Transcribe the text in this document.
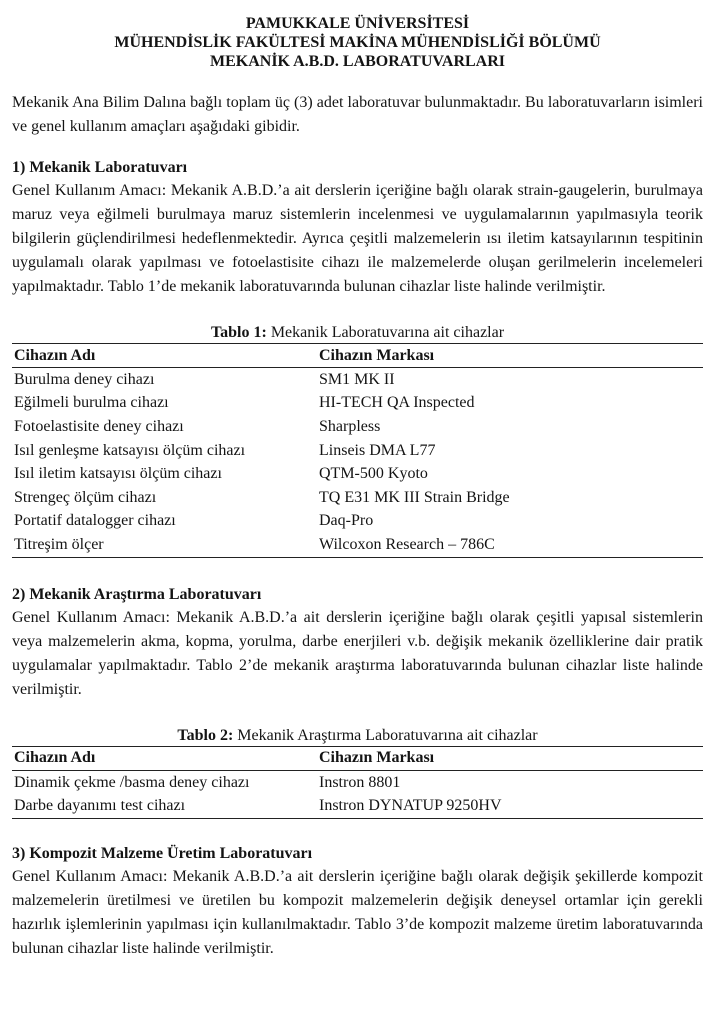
PAMUKKALE ÜNİVERSİTESİ
MÜHENDİSLİK FAKÜLTESİ MAKİNA MÜHENDİSLİĞİ BÖLÜMÜ
MEKANİK A.B.D. LABORATUVARLARI

Mekanik Ana Bilim Dalına bağlı toplam üç (3) adet laboratuvar bulunmaktadır. Bu laboratuvarların isimleri ve genel kullanım amaçları aşağıdaki gibidir.

1) Mekanik Laboratuvarı

Genel Kullanım Amacı: Mekanik A.B.D.’a ait derslerin içeriğine bağlı olarak strain-gaugelerin, burulmaya maruz veya eğilmeli burulmaya maruz sistemlerin incelenmesi ve uygulamalarının yapılmasıyla teorik bilgilerin güçlendirilmesi hedeflenmektedir. Ayrıca çeşitli malzemelerin ısı iletim katsayılarının tespitinin uygulamalı olarak yapılması ve fotoelastisite cihazı ile malzemelerde oluşan gerilmelerin incelemeleri yapılmaktadır. Tablo 1’de mekanik laboratuvarında bulunan cihazlar liste halinde verilmiştir.

Tablo 1: Mekanik Laboratuvarına ait cihazlar
Cihazın Adı	Cihazın Markası
Burulma deney cihazı	SM1 MK II
Eğilmeli burulma cihazı	HI-TECH QA Inspected
Fotoelastisite deney cihazı	Sharpless
Isıl genleşme katsayısı ölçüm cihazı	Linseis DMA L77
Isıl iletim katsayısı ölçüm cihazı	QTM-500 Kyoto
Strengeç ölçüm cihazı	TQ E31 MK III Strain Bridge
Portatif datalogger cihazı	Daq-Pro
Titreşim ölçer	Wilcoxon Research – 786C

2) Mekanik Araştırma Laboratuvarı

Genel Kullanım Amacı: Mekanik A.B.D.’a ait derslerin içeriğine bağlı olarak çeşitli yapısal sistemlerin veya malzemelerin akma, kopma, yorulma, darbe enerjileri v.b. değişik mekanik özelliklerine dair pratik uygulamalar yapılmaktadır. Tablo 2’de mekanik araştırma laboratuvarında bulunan cihazlar liste halinde verilmiştir.

Tablo 2: Mekanik Araştırma Laboratuvarına ait cihazlar
Cihazın Adı	Cihazın Markası
Dinamik çekme /basma deney cihazı	Instron 8801
Darbe dayanımı test cihazı	Instron DYNATUP 9250HV

3) Kompozit Malzeme Üretim Laboratuvarı

Genel Kullanım Amacı: Mekanik A.B.D.’a ait derslerin içeriğine bağlı olarak değişik şekillerde kompozit malzemelerin üretilmesi ve üretilen bu kompozit malzemelerin değişik deneysel ortamlar için gerekli hazırlık işlemlerinin yapılması için kullanılmaktadır. Tablo 3’de kompozit malzeme üretim laboratuvarında bulunan cihazlar liste halinde verilmiştir.
